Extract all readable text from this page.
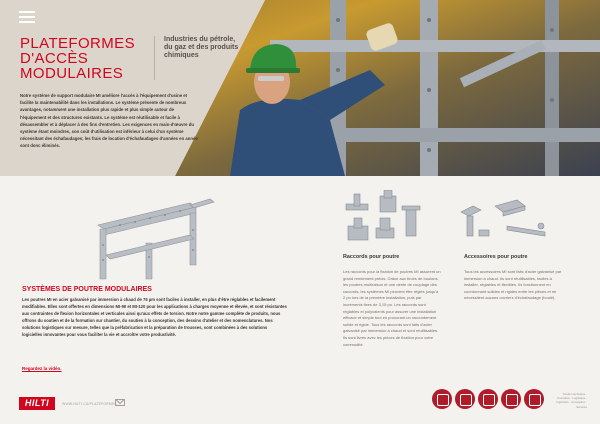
PLATEFORMES
D'ACCÈS
MODULAIRES
Industries du pétrole, du gaz et des produits chimiques

Notre système de support modulaire MI améliore l'accès à l'équipement d'usine et facilite la maintenabilité dans les installations. Le système présente de nombreux avantages, notamment une installation plus rapide et plus simple autour de l'équipement et des structures existants. Le système est réutilisable et facile à désassembler et à déplacer à des fins d'entretien. Les exigences en main-d'œuvre du système étant moindres, son coût d'utilisation est inférieur à celui d'un système nécessitant des échafaudages; les frais de location d'échafaudages d'années en année sont donc éliminés.

SYSTÈMES DE POUTRE MODULAIRES

Les poutres MI en acier galvanisé par immersion à chaud de 75 µm sont faciles à installer, en plus d'être réglables et facilement modifiables. Elles sont offertes en dimensions MI-90 et MI-120 pour les applications à charges moyenne et élevée, et sont résistantes aux contraintes de flexion horizontales et verticales ainsi qu'aux effets de torsion. Notre notre gamme complète de produits, nous offrons du soutien et de la formation sur chantier, du soutien à la conception, des dessins d'atelier et des nomenclatures. Nos solutions logistiques sur mesure, telles que la préfabrication et la préparation de trousses, sont combinées à des solutions logicielles innovantes pour vous faciliter la vie et accroître votre productivité.

Regardez la vidéo.
Raccords pour poutre

Les raccords pour la fixation de poutres MI assurent un grand rendement précis. Grâce aux tiroirs de boulons, les poutres multiraison et une dente de couplage des raccords, les systèmes MI peuvent être réglés jusqu'à 2 po lors de la première installation, puis par incréments fixes de 3,15 po. Les raccords sont réglables et polyvalents pour assurer une installation efficace et simple tout en procurant un raccordement solide et rigide. Tous les raccords sont faits d'acier galvanisé par immersion à chaud et sont réutilisables. Ils sont livrés avec les pièces de fixation pour votre commodité.

Accessoires pour poutre

Tous les accessoires MI sont faits d'acier galvanisé par immersion à chaud. Ils sont réutilisables, faciles à installer, réglables et flexibles. Ils fonctionnent en coordonnant solides et rigides entre les pièces et ne nécessitent aucuns ouvriers d'échafaudage (boulé).

HILTI	WWW.HILTI.CA/PLATEFORMES
Soutien technique · Formation · Logistique · Ingénierie · Conception · Services
